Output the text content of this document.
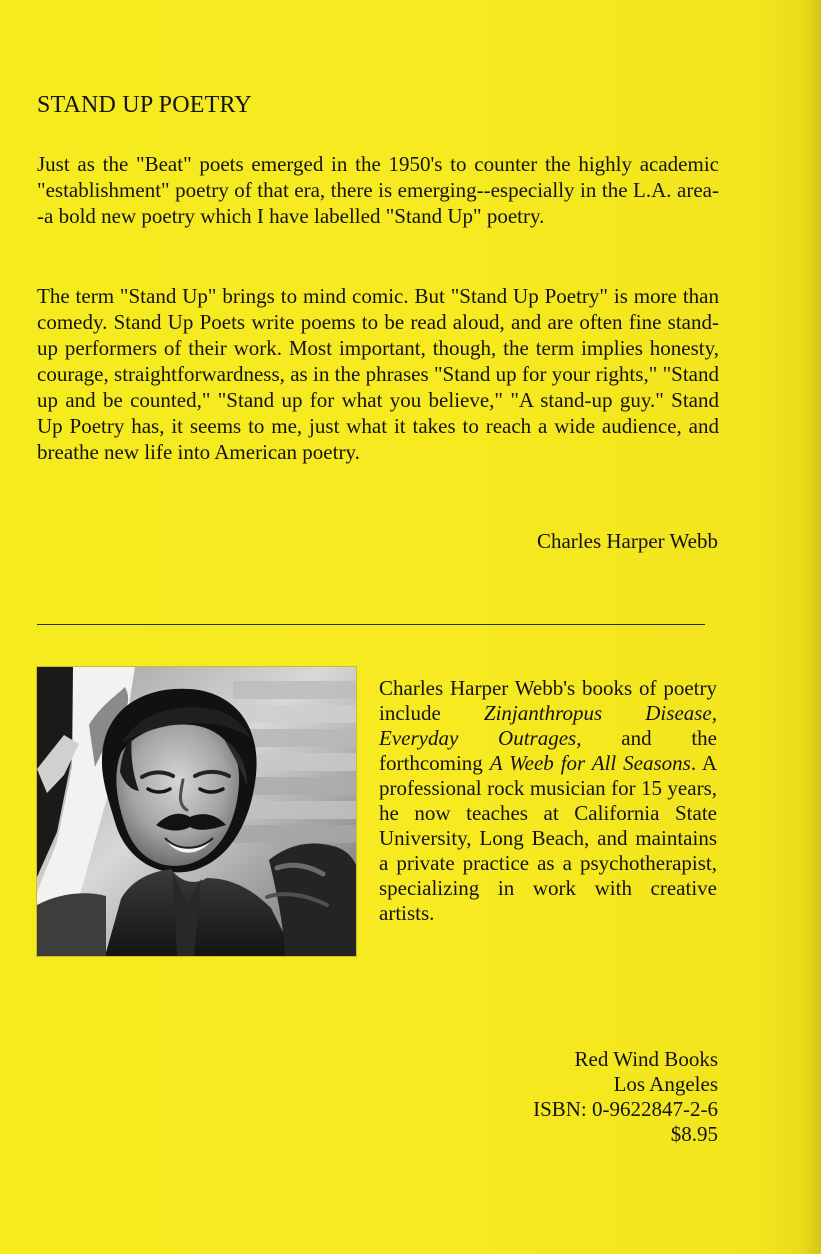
STAND UP POETRY

Just as the "Beat" poets emerged in the 1950's to counter the highly academic "establishment" poetry of that era, there is emerging--especially in the L.A. area--a bold new poetry which I have labelled "Stand Up" poetry.

The term "Stand Up" brings to mind comic. But "Stand Up Poetry" is more than comedy. Stand Up Poets write poems to be read aloud, and are often fine stand-up performers of their work. Most important, though, the term implies honesty, courage, straightforwardness, as in the phrases "Stand up for your rights," "Stand up and be counted," "Stand up for what you believe," "A stand-up guy." Stand Up Poetry has, it seems to me, just what it takes to reach a wide audience, and breathe new life into American poetry.

Charles Harper Webb

Charles Harper Webb's books of poetry include Zinjanthropus Disease, Everyday Outrages, and the forthcoming A Weeb for All Seasons. A professional rock musician for 15 years, he now teaches at California State University, Long Beach, and maintains a private practice as a psychotherapist, specializing in work with creative artists.

Red Wind Books
Los Angeles
ISBN: 0-9622847-2-6
$8.95
